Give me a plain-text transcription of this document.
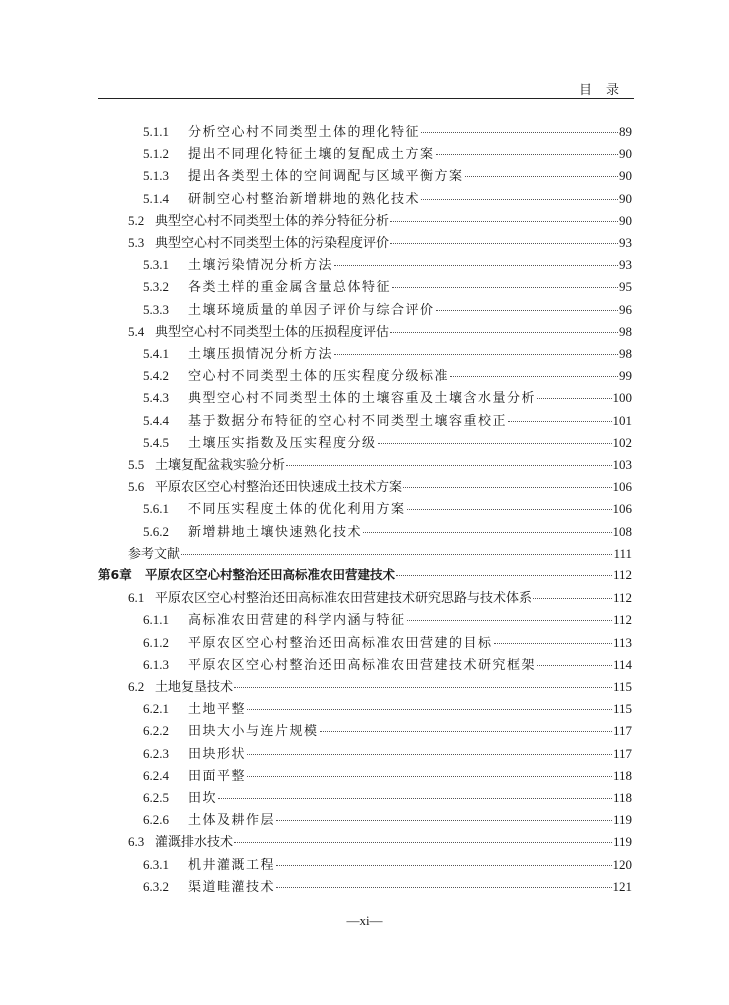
目录
5.1.1	分析空心村不同类型土体的理化特征	89
5.1.2	提出不同理化特征土壤的复配成土方案	90
5.1.3	提出各类型土体的空间调配与区域平衡方案	90
5.1.4	研制空心村整治新增耕地的熟化技术	90
5.2 典型空心村不同类型土体的养分特征分析	90
5.3 典型空心村不同类型土体的污染程度评价	93
5.3.1	土壤污染情况分析方法	93
5.3.2	各类土样的重金属含量总体特征	95
5.3.3	土壤环境质量的单因子评价与综合评价	96
5.4 典型空心村不同类型土体的压损程度评估	98
5.4.1	土壤压损情况分析方法	98
5.4.2	空心村不同类型土体的压实程度分级标准	99
5.4.3	典型空心村不同类型土体的土壤容重及土壤含水量分析	100
5.4.4	基于数据分布特征的空心村不同类型土壤容重校正	101
5.4.5	土壤压实指数及压实程度分级	102
5.5 土壤复配盆栽实验分析	103
5.6 平原农区空心村整治还田快速成土技术方案	106
5.6.1	不同压实程度土体的优化利用方案	106
5.6.2	新增耕地土壤快速熟化技术	108
参考文献	111
第6章	平原农区空心村整治还田高标准农田营建技术	112
6.1 平原农区空心村整治还田高标准农田营建技术研究思路与技术体系	112
6.1.1	高标准农田营建的科学内涵与特征	112
6.1.2	平原农区空心村整治还田高标准农田营建的目标	113
6.1.3	平原农区空心村整治还田高标准农田营建技术研究框架	114
6.2 土地复垦技术	115
6.2.1	土地平整	115
6.2.2	田块大小与连片规模	117
6.2.3	田块形状	117
6.2.4	田面平整	118
6.2.5	田坎	118
6.2.6	土体及耕作层	119
6.3 灌溉排水技术	119
6.3.1	机井灌溉工程	120
6.3.2	渠道畦灌技术	121
—xi—
